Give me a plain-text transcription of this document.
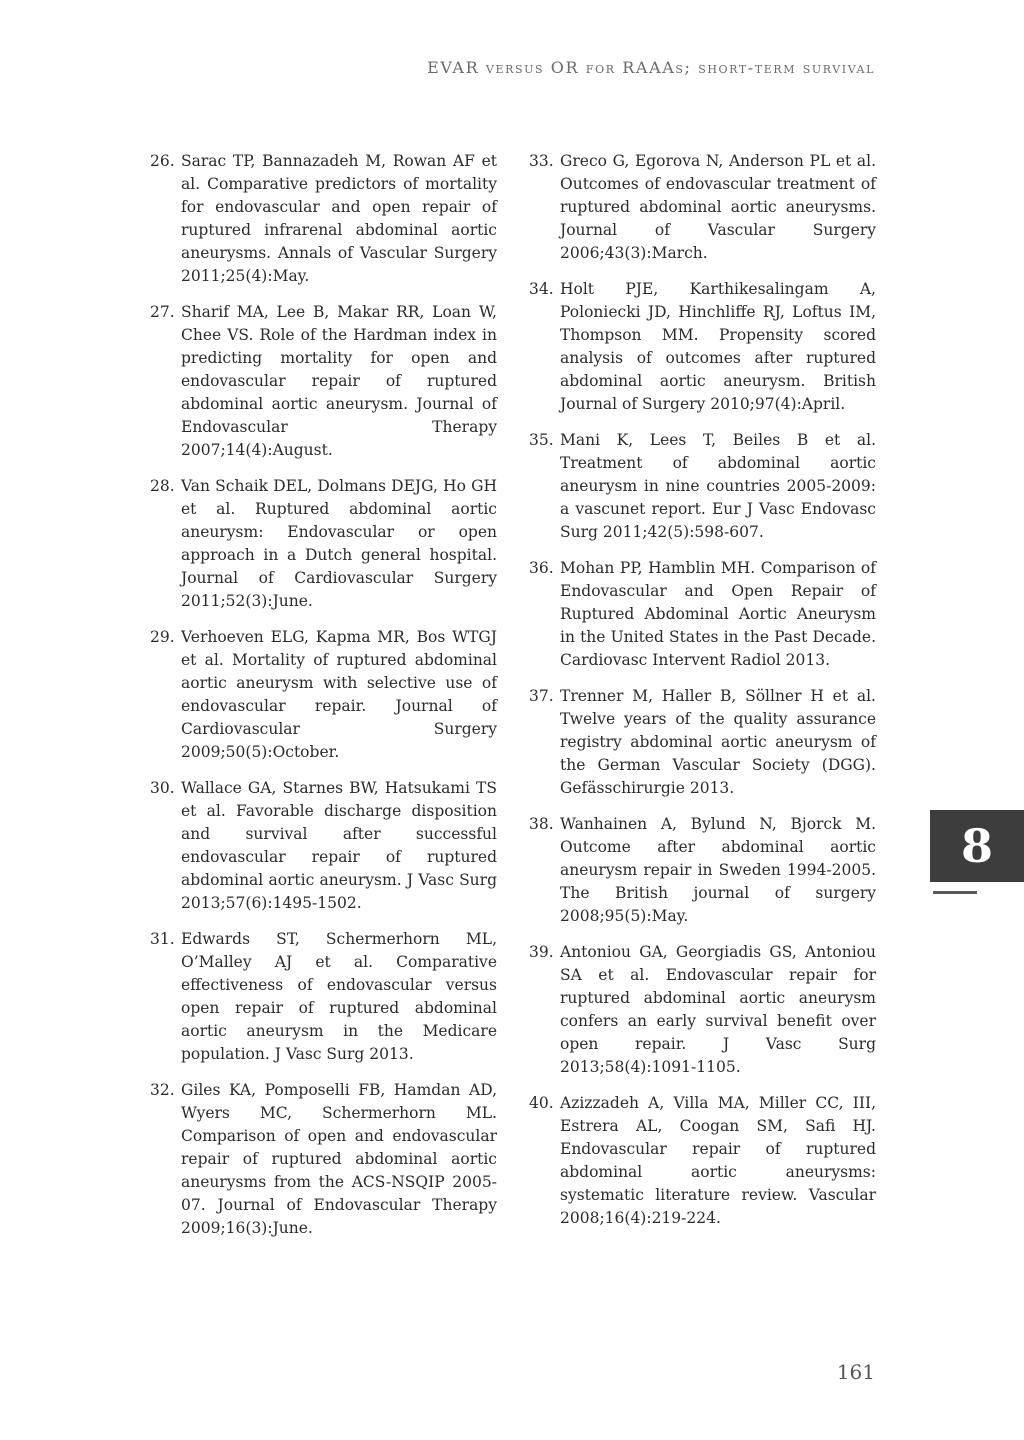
EVAR versus OR for RAAAs; short-term survival
26. Sarac TP, Bannazadeh M, Rowan AF et al. Comparative predictors of mortality for endovascular and open repair of ruptured infrarenal abdominal aortic aneurysms. Annals of Vascular Surgery 2011;25(4):May.
27. Sharif MA, Lee B, Makar RR, Loan W, Chee VS. Role of the Hardman index in predicting mortality for open and endovascular repair of ruptured abdominal aortic aneurysm. Journal of Endovascular Therapy 2007;14(4):August.
28. Van Schaik DEL, Dolmans DEJG, Ho GH et al. Ruptured abdominal aortic aneurysm: Endovascular or open approach in a Dutch general hospital. Journal of Cardiovascular Surgery 2011;52(3):June.
29. Verhoeven ELG, Kapma MR, Bos WTGJ et al. Mortality of ruptured abdominal aortic aneurysm with selective use of endovascular repair. Journal of Cardiovascular Surgery 2009;50(5):October.
30. Wallace GA, Starnes BW, Hatsukami TS et al. Favorable discharge disposition and survival after successful endovascular repair of ruptured abdominal aortic aneurysm. J Vasc Surg 2013;57(6):1495-1502.
31. Edwards ST, Schermerhorn ML, O’Malley AJ et al. Comparative effectiveness of endovascular versus open repair of ruptured abdominal aortic aneurysm in the Medicare population. J Vasc Surg 2013.
32. Giles KA, Pomposelli FB, Hamdan AD, Wyers MC, Schermerhorn ML. Comparison of open and endovascular repair of ruptured abdominal aortic aneurysms from the ACS-NSQIP 2005-07. Journal of Endovascular Therapy 2009;16(3):June.
33. Greco G, Egorova N, Anderson PL et al. Outcomes of endovascular treatment of ruptured abdominal aortic aneurysms. Journal of Vascular Surgery 2006;43(3):March.
34. Holt PJE, Karthikesalingam A, Poloniecki JD, Hinchliffe RJ, Loftus IM, Thompson MM. Propensity scored analysis of outcomes after ruptured abdominal aortic aneurysm. British Journal of Surgery 2010;97(4):April.
35. Mani K, Lees T, Beiles B et al. Treatment of abdominal aortic aneurysm in nine countries 2005-2009: a vascunet report. Eur J Vasc Endovasc Surg 2011;42(5):598-607.
36. Mohan PP, Hamblin MH. Comparison of Endovascular and Open Repair of Ruptured Abdominal Aortic Aneurysm in the United States in the Past Decade. Cardiovasc Intervent Radiol 2013.
37. Trenner M, Haller B, Söllner H et al. Twelve years of the quality assurance registry abdominal aortic aneurysm of the German Vascular Society (DGG). Gefässchirurgie 2013.
38. Wanhainen A, Bylund N, Bjorck M. Outcome after abdominal aortic aneurysm repair in Sweden 1994-2005. The British journal of surgery 2008;95(5):May.
39. Antoniou GA, Georgiadis GS, Antoniou SA et al. Endovascular repair for ruptured abdominal aortic aneurysm confers an early survival benefit over open repair. J Vasc Surg 2013;58(4):1091-1105.
40. Azizzadeh A, Villa MA, Miller CC, III, Estrera AL, Coogan SM, Safi HJ. Endovascular repair of ruptured abdominal aortic aneurysms: systematic literature review. Vascular 2008;16(4):219-224.
8
161
